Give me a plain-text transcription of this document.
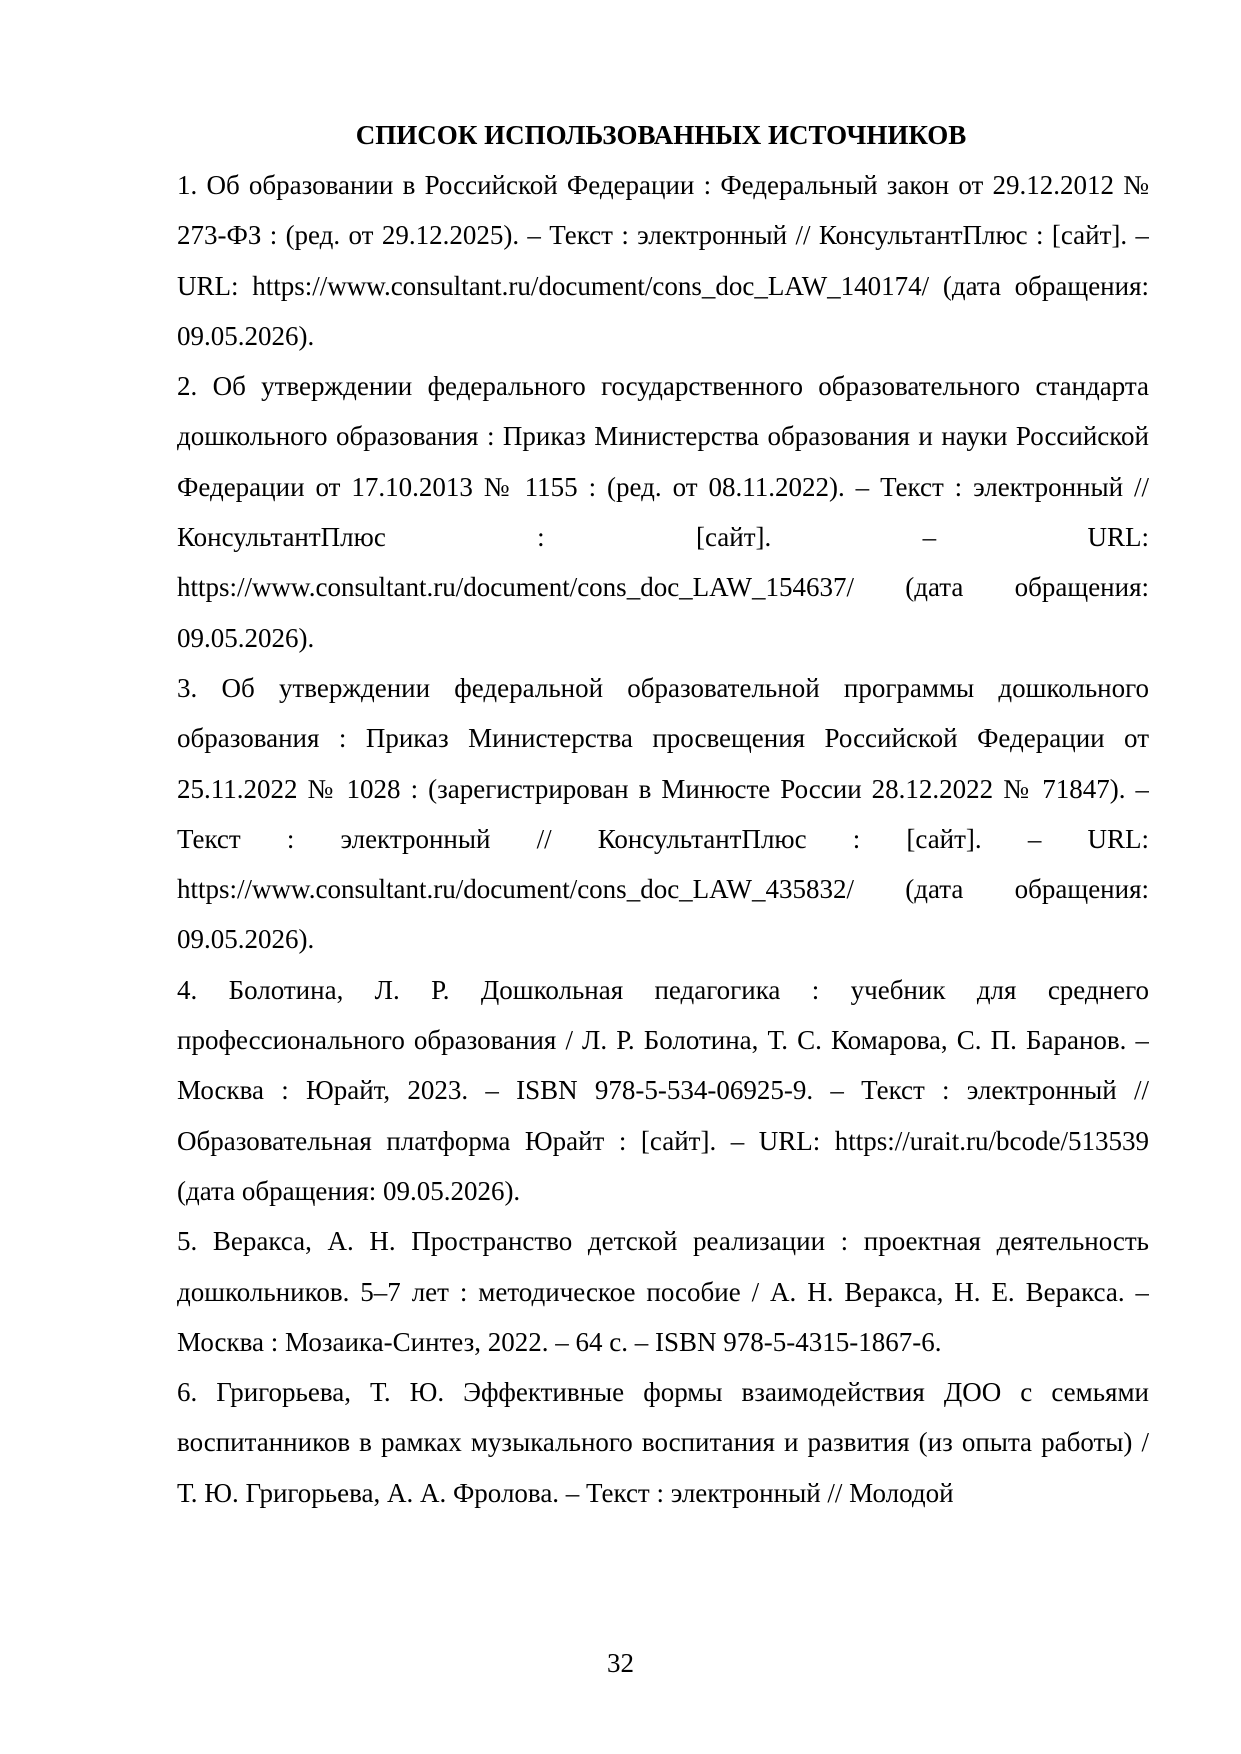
СПИСОК ИСПОЛЬЗОВАННЫХ ИСТОЧНИКОВ
1. Об образовании в Российской Федерации : Федеральный закон от 29.12.2012 № 273-ФЗ : (ред. от 29.12.2025). – Текст : электронный // КонсультантПлюс : [сайт]. – URL: https://www.consultant.ru/document/cons_doc_LAW_140174/ (дата обращения: 09.05.2026).
2. Об утверждении федерального государственного образовательного стандарта дошкольного образования : Приказ Министерства образования и науки Российской Федерации от 17.10.2013 № 1155 : (ред. от 08.11.2022). – Текст : электронный // КонсультантПлюс : [сайт]. – URL: https://www.consultant.ru/document/cons_doc_LAW_154637/ (дата обращения: 09.05.2026).
3. Об утверждении федеральной образовательной программы дошкольного образования : Приказ Министерства просвещения Российской Федерации от 25.11.2022 № 1028 : (зарегистрирован в Минюсте России 28.12.2022 № 71847). – Текст : электронный // КонсультантПлюс : [сайт]. – URL: https://www.consultant.ru/document/cons_doc_LAW_435832/ (дата обращения: 09.05.2026).
4. Болотина, Л. Р. Дошкольная педагогика : учебник для среднего профессионального образования / Л. Р. Болотина, Т. С. Комарова, С. П. Баранов. – Москва : Юрайт, 2023. – ISBN 978-5-534-06925-9. – Текст : электронный // Образовательная платформа Юрайт : [сайт]. – URL: https://urait.ru/bcode/513539 (дата обращения: 09.05.2026).
5. Веракса, А. Н. Пространство детской реализации : проектная деятельность дошкольников. 5–7 лет : методическое пособие / А. Н. Веракса, Н. Е. Веракса. – Москва : Мозаика-Синтез, 2022. – 64 с. – ISBN 978-5-4315-1867-6.
6. Григорьева, Т. Ю. Эффективные формы взаимодействия ДОО с семьями воспитанников в рамках музыкального воспитания и развития (из опыта работы) / Т. Ю. Григорьева, А. А. Фролова. – Текст : электронный // Молодой
32
